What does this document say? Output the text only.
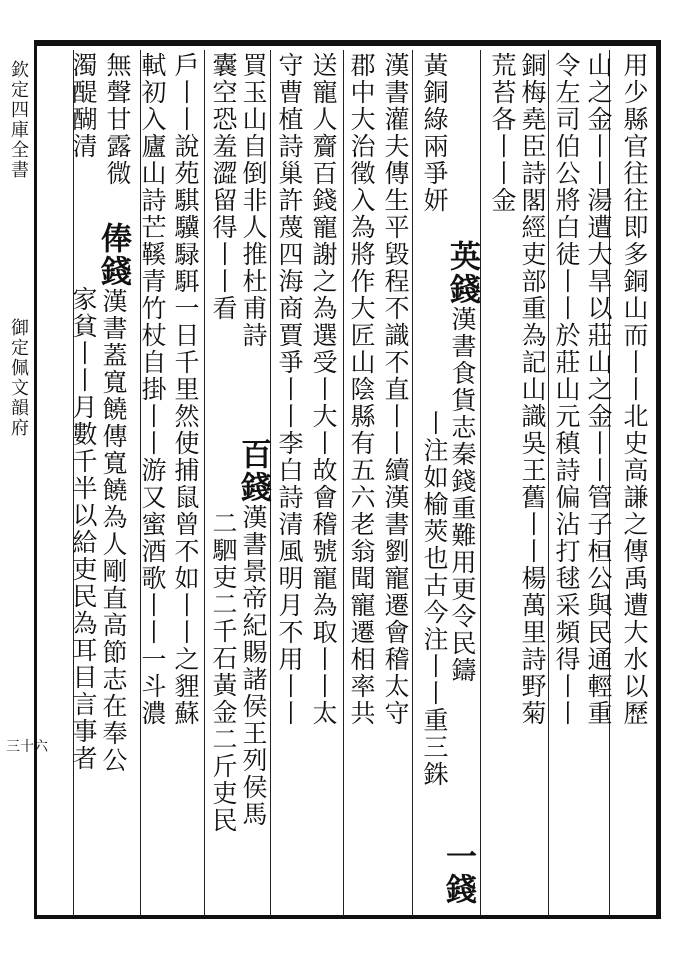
欽定四庫全書
御定佩文韻府
三十六
用少縣官往往即多銅山而丨丨北史高謙之傳禹遭大水以歷
山之金丨丨湯遭大旱以莊山之金丨丨管子桓公與民通輕重
令左司伯公將白徒丨丨於莊山元稹詩偏沾打毬采頻得丨丨
銅梅堯臣詩閣經吏部重為記山識吳王舊丨丨楊萬里詩野菊
荒苔各丨丨金
英錢漢書食貨志秦錢重難用更令民鑄
黃銅綠兩爭妍
一錢
丨注如榆莢也古今注丨丨重三銖
漢書灌夫傳生平毀程不識不直丨丨續漢書劉寵遷會稽太守
郡中大治徵入為將作大匠山陰縣有五六老翁聞寵遷相率共
送寵人齎百錢寵謝之為選受丨大丨故會稽號寵為取丨丨太
守曹植詩巢許蔑四海商賈爭丨丨李白詩清風明月不用丨丨
買玉山自倒非人推杜甫詩
百錢漢書景帝紀賜諸侯王列侯馬
囊空恐羞澀留得丨丨看
二駟吏二千石黃金二斤吏民
戶丨丨說苑騏驥騄駬一日千里然使捕鼠曾不如丨丨之貍蘇
軾初入廬山詩芒鞵青竹杖自掛丨丨游又蜜酒歌丨丨一斗濃
無聲甘露微
俸錢漢書蓋寬饒傳寬饒為人剛直高節志在奉公
濁醍醐清
家貧丨丨月數千半以給吏民為耳目言事者
